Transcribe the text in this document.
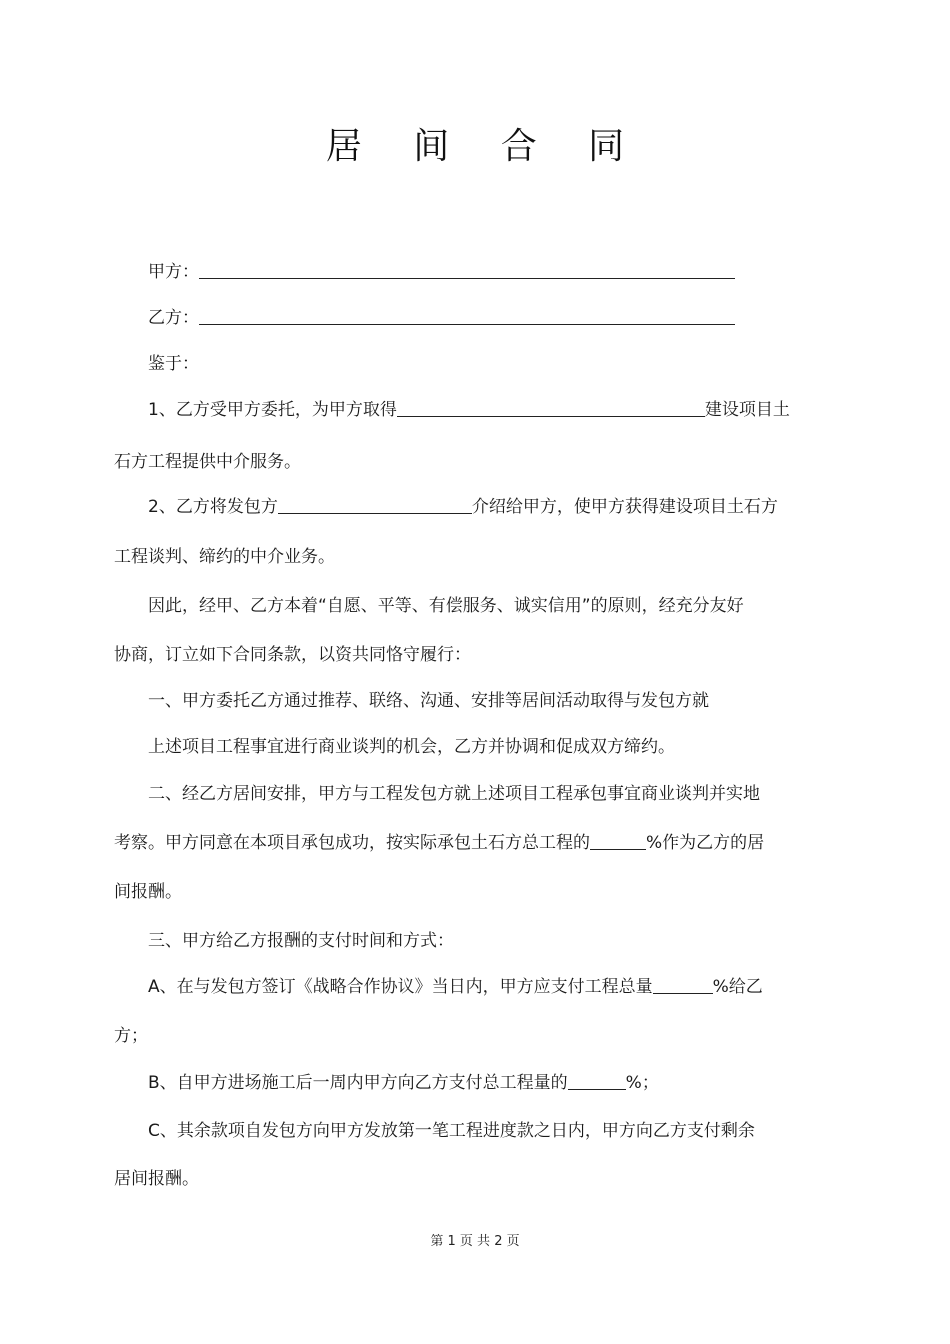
居 间 合 同
甲方：
乙方：
鉴于：
1、乙方受甲方委托，为甲方取得	建设项目土
石方工程提供中介服务。
2、乙方将发包方	介绍给甲方，使甲方获得建设项目土石方
工程谈判、缔约的中介业务。
因此，经甲、乙方本着“自愿、平等、有偿服务、诚实信用”的原则，经充分友好
协商，订立如下合同条款，以资共同恪守履行：
一、甲方委托乙方通过推荐、联络、沟通、安排等居间活动取得与发包方就
上述项目工程事宜进行商业谈判的机会，乙方并协调和促成双方缔约。
二、经乙方居间安排，甲方与工程发包方就上述项目工程承包事宜商业谈判并实地
考察。甲方同意在本项目承包成功，按实际承包土石方总工程的	%作为乙方的居
间报酬。
三、甲方给乙方报酬的支付时间和方式：
A、在与发包方签订《战略合作协议》当日内，甲方应支付工程总量	%给乙
方；
B、自甲方进场施工后一周内甲方向乙方支付总工程量的	%；
C、其余款项自发包方向甲方发放第一笔工程进度款之日内，甲方向乙方支付剩余
居间报酬。
第 1 页 共 2 页
